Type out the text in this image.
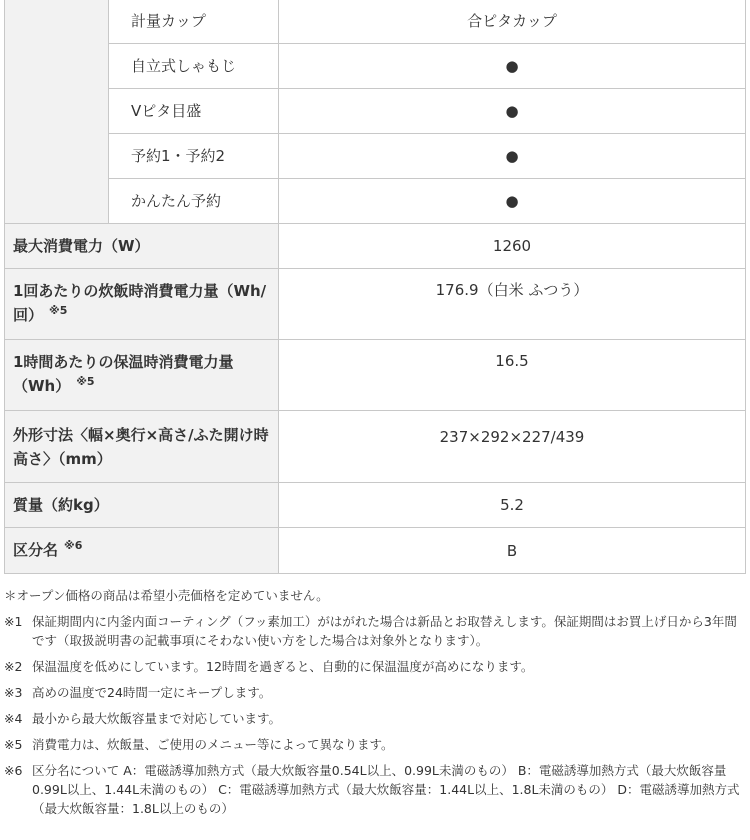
	計量カップ	合ピタカップ
	自立式しゃもじ	●
	Vピタ目盛	●
	予約1・予約2	●
	かんたん予約	●
最大消費電力（W）		1260
1回あたりの炊飯時消費電力量（Wh/回） $^{※5}$		176.9（白米 ふつう）
1時間あたりの保温時消費電力量（Wh） $^{※5}$		16.5
外形寸法〈幅×奥行×高さ/ふた開け時高さ〉（mm）		237×292×227/439
質量（約kg）		5.2
区分名 $^{※6}$		B
＊オープン価格の商品は希望小売価格を定めていません。
※1 保証期間内に内釜内面コーティング（フッ素加工）がはがれた場合は新品とお取替えします。保証期間はお買上げ日から3年間です（取扱説明書の記載事項にそわない使い方をした場合は対象外となります）。
※2 保温温度を低めにしています。12時間を過ぎると、自動的に保温温度が高めになります。
※3 高めの温度で24時間一定にキープします。
※4 最小から最大炊飯容量まで対応しています。
※5 消費電力は、炊飯量、ご使用のメニュー等によって異なります。
※6 区分名について A：電磁誘導加熱方式（最大炊飯容量0.54L以上、0.99L未満のもの） B：電磁誘導加熱方式（最大炊飯容量0.99L以上、1.44L未満のもの） C：電磁誘導加熱方式（最大炊飯容量：1.44L以上、1.8L未満のもの） D：電磁誘導加熱方式（最大炊飯容量：1.8L以上のもの）
